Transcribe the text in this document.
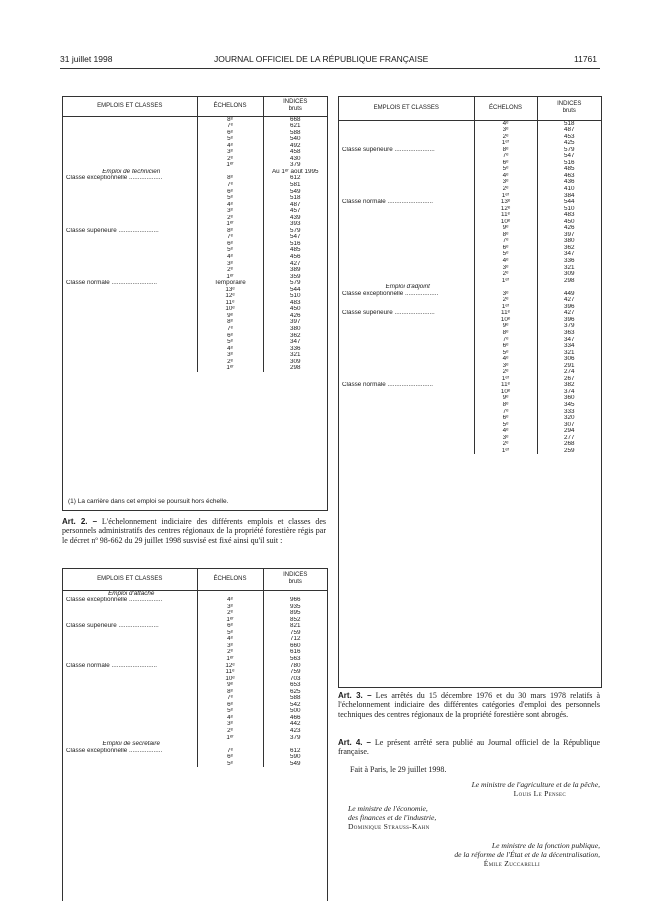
31 juillet 1998	JOURNAL OFFICIEL DE LA RÉPUBLIQUE FRANÇAISE	11761
EMPLOIS ET CLASSES	ÉCHELONS	INDICES
bruts
	8ᵉ	668
	7ᵉ	621
	6ᵉ	588
	5ᵉ	540
	4ᵉ	492
	3ᵉ	458
	2ᵉ	430
	1ᵉʳ	379
Emploi de technicien		Au 1ᵉʳ août 1995
Classe exceptionnelle ...................	8ᵉ	612
	7ᵉ	581
	6ᵉ	549
	5ᵉ	518
	4ᵉ	487
	3ᵉ	457
	2ᵉ	439
	1ᵉʳ	393
Classe supérieure .......................	8ᵉ	579
	7ᵉ	547
	6ᵉ	516
	5ᵉ	485
	4ᵉ	456
	3ᵉ	427
	2ᵉ	389
	1ᵉʳ	359
Classe normale ..........................	Temporaire	579
	13ᵉ	544
	12ᵉ	510
	11ᵉ	483
	10ᵉ	450
	9ᵉ	426
	8ᵉ	397
	7ᵉ	380
	6ᵉ	362
	5ᵉ	347
	4ᵉ	336
	3ᵉ	321
	2ᵉ	309
	1ᵉʳ	298
(1) La carrière dans cet emploi se poursuit hors échelle.
Art. 2. – L'échelonnement indiciaire des différents emplois et classes des personnels administratifs des centres régionaux de la propriété forestière régis par le décret nº 98-662 du 29 juillet 1998 susvisé est fixé ainsi qu'il suit :
EMPLOIS ET CLASSES	ÉCHELONS	INDICES
bruts

Emploi d'attaché		
Classe exceptionnelle ...................	4ᵉ	966
	3ᵉ	935
	2ᵉ	895
	1ᵉʳ	852
Classe supérieure .......................	6ᵉ	821
	5ᵉ	759
	4ᵉ	712
	3ᵉ	660
	2ᵉ	616
	1ᵉʳ	563
Classe normale ..........................	12ᵉ	780
	11ᵉ	759
	10ᵉ	703
	9ᵉ	653
	8ᵉ	625
	7ᵉ	588
	6ᵉ	542
	5ᵉ	500
	4ᵉ	466
	3ᵉ	442
	2ᵉ	423
	1ᵉʳ	379
Emploi de secrétaire		
Classe exceptionnelle ...................	7ᵉ	612
	6ᵉ	590
	5ᵉ	549
EMPLOIS ET CLASSES	ÉCHELONS	INDICES
bruts
	4ᵉ	518
	3ᵉ	487
	2ᵉ	453
	1ᵉʳ	425
Classe supérieure .......................	8ᵉ	579
	7ᵉ	547
	6ᵉ	516
	5ᵉ	485
	4ᵉ	463
	3ᵉ	436
	2ᵉ	410
	1ᵉʳ	384
Classe normale ..........................	13ᵉ	544
	12ᵉ	510
	11ᵉ	483
	10ᵉ	450
	9ᵉ	426
	8ᵉ	397
	7ᵉ	380
	6ᵉ	362
	5ᵉ	347
	4ᵉ	336
	3ᵉ	321
	2ᵉ	309
	1ᵉʳ	298

Emploi d'adjoint		
Classe exceptionnelle ...................	3ᵉ	449
	2ᵉ	427
	1ᵉʳ	396

Classe supérieure .......................	11ᵉ	427
	10ᵉ	396
	9ᵉ	379
	8ᵉ	363
	7ᵉ	347
	6ᵉ	334
	5ᵉ	321
	4ᵉ	306
	3ᵉ	291
	2ᵉ	274
	1ᵉʳ	267

Classe normale ..........................	11ᵉ	382
	10ᵉ	374
	9ᵉ	360
	8ᵉ	345
	7ᵉ	333
	6ᵉ	320
	5ᵉ	307
	4ᵉ	294
	3ᵉ	277
	2ᵉ	268
	1ᵉʳ	259
Art. 3. – Les arrêtés du 15 décembre 1976 et du 30 mars 1978 relatifs à l'échelonnement indiciaire des différentes catégories d'emploi des personnels techniques des centres régionaux de la propriété forestière sont abrogés.
Art. 4. – Le présent arrêté sera publié au Journal officiel de la République française.
Fait à Paris, le 29 juillet 1998.
Le ministre de l'agriculture et de la pêche,
Louis Le Pensec
Le ministre de l'économie,
des finances et de l'industrie,
Dominique Strauss-Kahn
Le ministre de la fonction publique,
de la réforme de l'État et de la décentralisation,
Émile Zuccarelli
